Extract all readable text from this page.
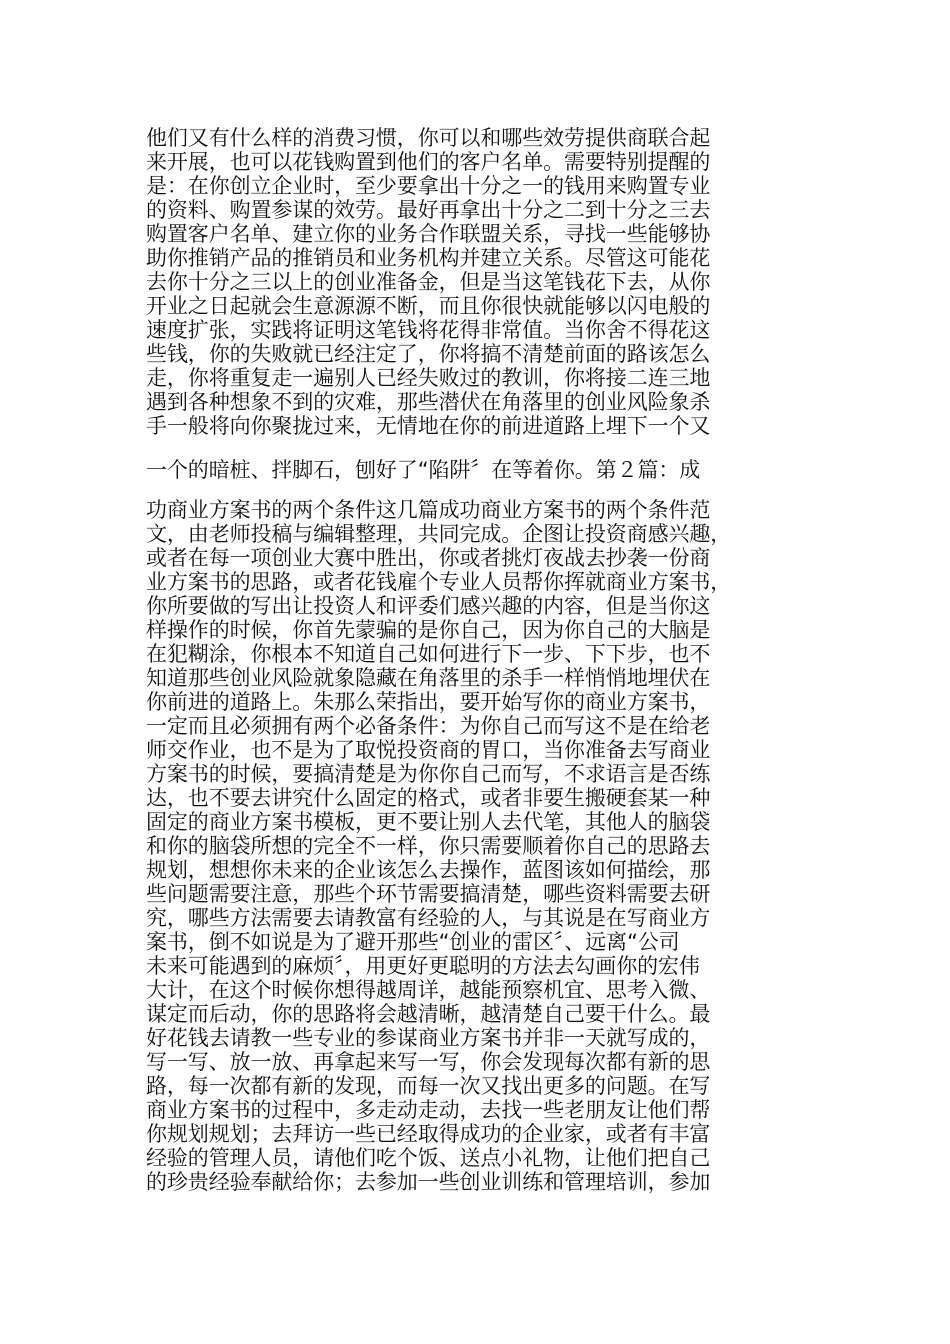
他们又有什么样的消费习惯，你可以和哪些效劳提供商联合起
来开展，也可以花钱购置到他们的客户名单。需要特别提醒的
是：在你创立企业时，至少要拿出十分之一的钱用来购置专业
的资料、购置参谋的效劳。最好再拿出十分之二到十分之三去
购置客户名单、建立你的业务合作联盟关系，寻找一些能够协
助你推销产品的推销员和业务机构并建立关系。尽管这可能花
去你十分之三以上的创业准备金，但是当这笔钱花下去，从你
开业之日起就会生意源源不断，而且你很快就能够以闪电般的
速度扩张，实践将证明这笔钱将花得非常值。当你舍不得花这
些钱，你的失败就已经注定了，你将搞不清楚前面的路该怎么
走，你将重复走一遍别人已经失败过的教训，你将接二连三地
遇到各种想象不到的灾难，那些潜伏在角落里的创业风险象杀
手一般将向你聚拢过来，无情地在你的前进道路上埋下一个又
一个的暗桩、拌脚石，刨好了“陷阱〞在等着你。第２篇：成
功商业方案书的两个条件这几篇成功商业方案书的两个条件范
文，由老师投稿与编辑整理，共同完成。企图让投资商感兴趣，
或者在每一项创业大赛中胜出，你或者挑灯夜战去抄袭一份商
业方案书的思路，或者花钱雇个专业人员帮你挥就商业方案书，
你所要做的写出让投资人和评委们感兴趣的内容，但是当你这
样操作的时候，你首先蒙骗的是你自己，因为你自己的大脑是
在犯糊涂，你根本不知道自己如何进行下一步、下下步，也不
知道那些创业风险就象隐藏在角落里的杀手一样悄悄地埋伏在
你前进的道路上。朱那么荣指出，要开始写你的商业方案书，
一定而且必须拥有两个必备条件：为你自己而写这不是在给老
师交作业，也不是为了取悦投资商的胃口，当你准备去写商业
方案书的时候，要搞清楚是为你你自己而写，不求语言是否练
达，也不要去讲究什么固定的格式，或者非要生搬硬套某一种
固定的商业方案书模板，更不要让别人去代笔，其他人的脑袋
和你的脑袋所想的完全不一样，你只需要顺着你自己的思路去
规划，想想你未来的企业该怎么去操作，蓝图该如何描绘，那
些问题需要注意，那些个环节需要搞清楚，哪些资料需要去研
究，哪些方法需要去请教富有经验的人，与其说是在写商业方
案书，倒不如说是为了避开那些“创业的雷区〞、远离“公司
未来可能遇到的麻烦〞，用更好更聪明的方法去勾画你的宏伟
大计，在这个时候你想得越周详，越能预察机宜、思考入微、
谋定而后动，你的思路将会越清晰，越清楚自己要干什么。最
好花钱去请教一些专业的参谋商业方案书并非一天就写成的，
写一写、放一放、再拿起来写一写，你会发现每次都有新的思
路，每一次都有新的发现，而每一次又找出更多的问题。在写
商业方案书的过程中，多走动走动，去找一些老朋友让他们帮
你规划规划；去拜访一些已经取得成功的企业家，或者有丰富
经验的管理人员，请他们吃个饭、送点小礼物，让他们把自己
的珍贵经验奉献给你；去参加一些创业训练和管理培训，参加
